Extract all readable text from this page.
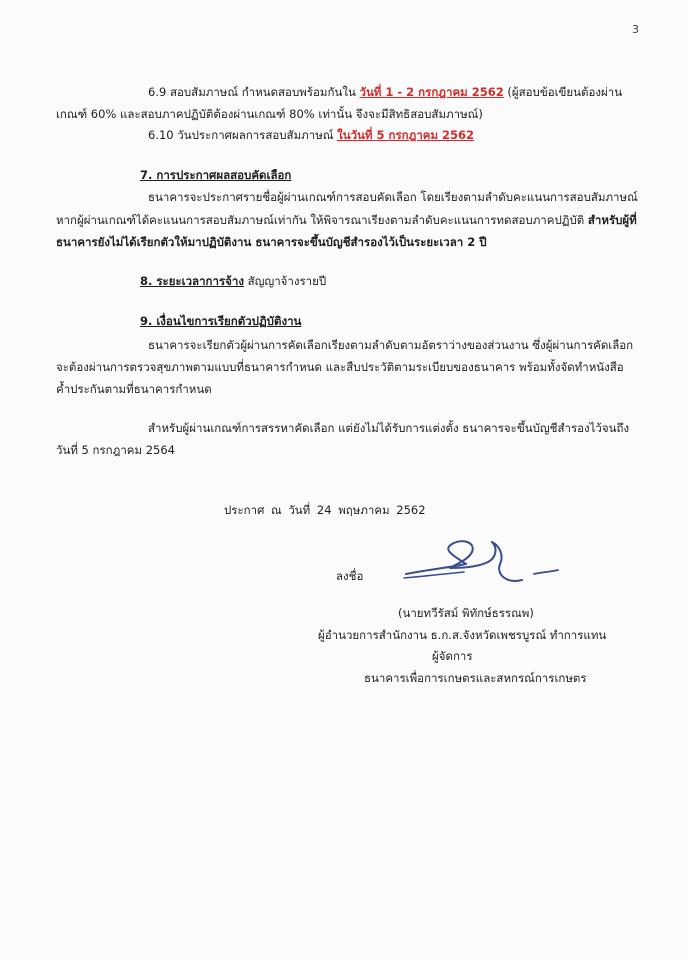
3

6.9 สอบสัมภาษณ์ กำหนดสอบพร้อมกันใน วันที่ 1 - 2 กรกฎาคม 2562 (ผู้สอบข้อเขียนต้องผ่าน

เกณฑ์ 60% และสอบภาคปฏิบัติต้องผ่านเกณฑ์ 80% เท่านั้น จึงจะมีสิทธิสอบสัมภาษณ์)

6.10 วันประกาศผลการสอบสัมภาษณ์ ในวันที่ 5 กรกฎาคม 2562

7. การประกาศผลสอบคัดเลือก

ธนาคารจะประกาศรายชื่อผู้ผ่านเกณฑ์การสอบคัดเลือก โดยเรียงตามลำดับคะแนนการสอบสัมภาษณ์

หากผู้ผ่านเกณฑ์ได้คะแนนการสอบสัมภาษณ์เท่ากัน ให้พิจารณาเรียงตามลำดับคะแนนการทดสอบภาคปฏิบัติ สำหรับผู้ที่

ธนาคารยังไม่ได้เรียกตัวให้มาปฏิบัติงาน ธนาคารจะขึ้นบัญชีสำรองไว้เป็นระยะเวลา 2 ปี

8. ระยะเวลาการจ้าง สัญญาจ้างรายปี

9. เงื่อนไขการเรียกตัวปฏิบัติงาน

ธนาคารจะเรียกตัวผู้ผ่านการคัดเลือกเรียงตามลำดับตามอัตราว่างของส่วนงาน ซึ่งผู้ผ่านการคัดเลือก

จะต้องผ่านการตรวจสุขภาพตามแบบที่ธนาคารกำหนด และสืบประวัติตามระเบียบของธนาคาร พร้อมทั้งจัดทำหนังสือ

ค้ำประกันตามที่ธนาคารกำหนด

สำหรับผู้ผ่านเกณฑ์การสรรหาคัดเลือก แต่ยังไม่ได้รับการแต่งตั้ง ธนาคารจะขึ้นบัญชีสำรองไว้จนถึง

วันที่ 5 กรกฎาคม 2564

ประกาศ ณ วันที่ 24 พฤษภาคม 2562

ลงชื่อ

(นายทวีรัสม์ พิทักษ์ธรรณพ)

ผู้อำนวยการสำนักงาน ธ.ก.ส.จังหวัดเพชรบูรณ์ ทำการแทน

ผู้จัดการ

ธนาคารเพื่อการเกษตรและสหกรณ์การเกษตร
